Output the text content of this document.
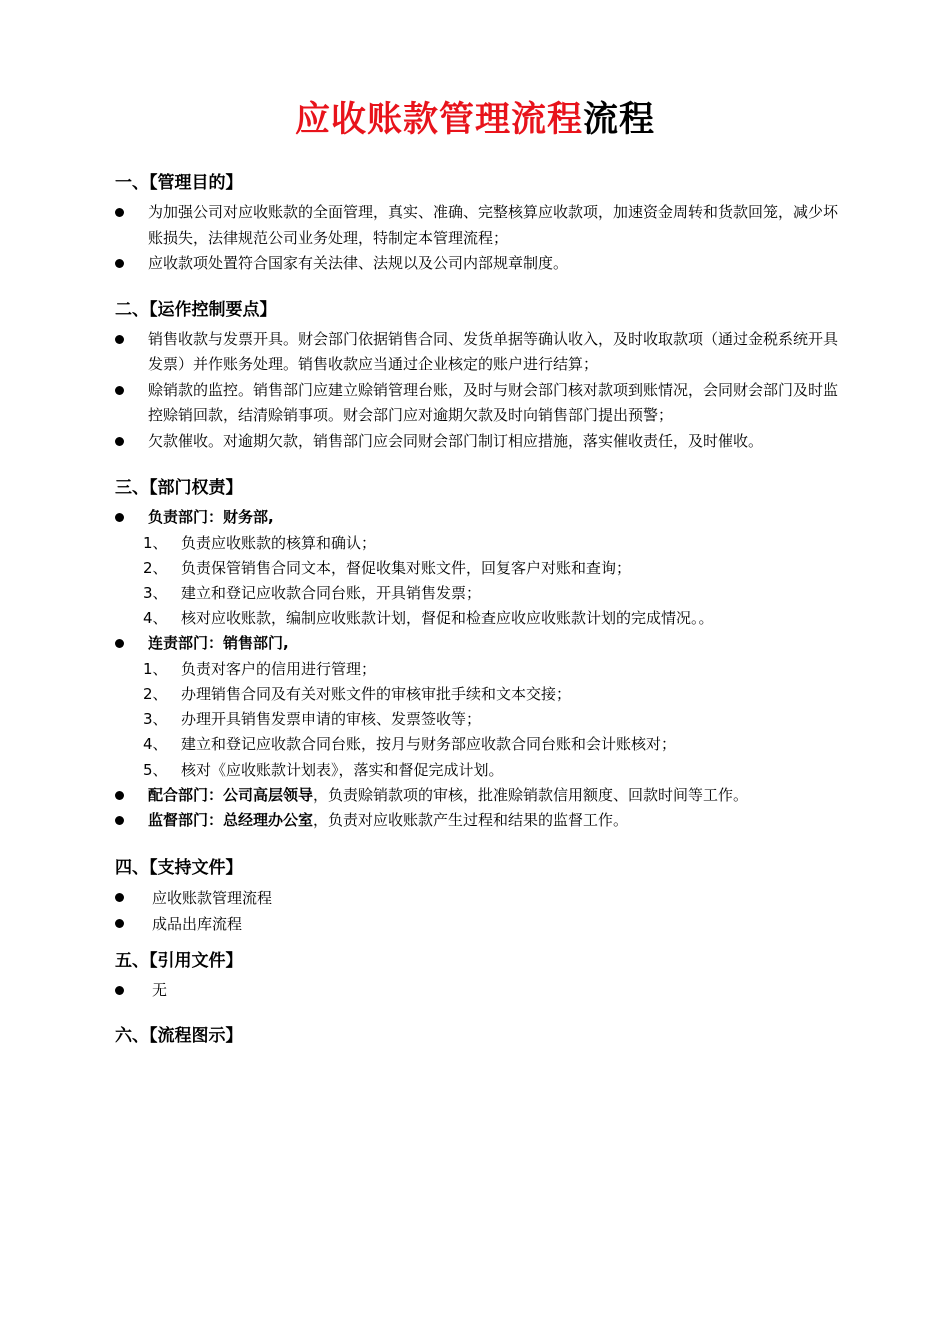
应收账款管理流程流程
一、【管理目的】
为加强公司对应收账款的全面管理，真实、准确、完整核算应收款项，加速资金周转和货款回笼，减少坏账损失，法律规范公司业务处理，特制定本管理流程；
应收款项处置符合国家有关法律、法规以及公司内部规章制度。
二、【运作控制要点】
销售收款与发票开具。财会部门依据销售合同、发货单据等确认收入，及时收取款项（通过金税系统开具发票）并作账务处理。销售收款应当通过企业核定的账户进行结算；
赊销款的监控。销售部门应建立赊销管理台账，及时与财会部门核对款项到账情况，会同财会部门及时监控赊销回款，结清赊销事项。财会部门应对逾期欠款及时向销售部门提出预警；
欠款催收。对逾期欠款，销售部门应会同财会部门制订相应措施，落实催收责任，及时催收。
三、【部门权责】
负责部门：财务部,
1、 负责应收账款的核算和确认；
2、 负责保管销售合同文本，督促收集对账文件，回复客户对账和查询；
3、 建立和登记应收款合同台账，开具销售发票；
4、 核对应收账款，编制应收账款计划，督促和检查应收应收账款计划的完成情况。。
连责部门：销售部门,
1、 负责对客户的信用进行管理；
2、 办理销售合同及有关对账文件的审核审批手续和文本交接；
3、 办理开具销售发票申请的审核、发票签收等；
4、 建立和登记应收款合同台账，按月与财务部应收款合同台账和会计账核对；
5、 核对《应收账款计划表》，落实和督促完成计划。
配合部门：公司高层领导，负责赊销款项的审核，批准赊销款信用额度、回款时间等工作。
监督部门：总经理办公室，负责对应收账款产生过程和结果的监督工作。
四、【支持文件】
应收账款管理流程
成品出库流程
五、【引用文件】
无
六、【流程图示】
